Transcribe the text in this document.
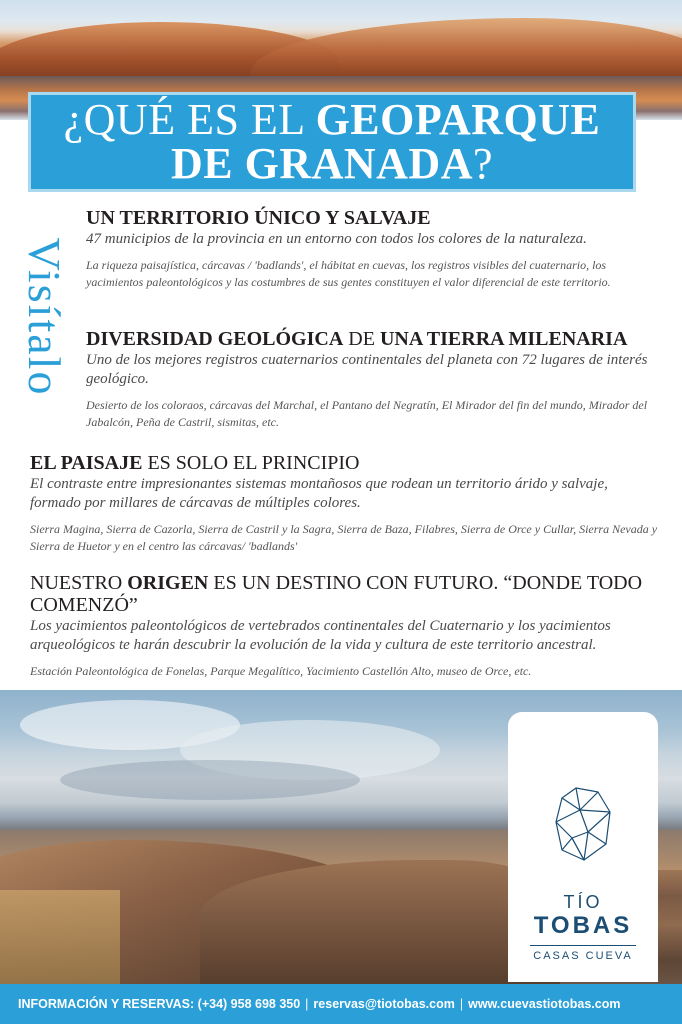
¿QUÉ ES EL GEOPARQUE
DE GRANADA?
Visítalo
UN TERRITORIO ÚNICO Y SALVAJE
47 municipios de la provincia en un entorno con todos los colores de la naturaleza.
La riqueza paisajística, cárcavas / 'badlands', el hábitat en cuevas, los registros visibles del cuaternario, los yacimientos paleontológicos y las costumbres de sus gentes constituyen el valor diferencial de este territorio.
DIVERSIDAD GEOLÓGICA DE UNA TIERRA MILENARIA
Uno de los mejores registros cuaternarios continentales del planeta con 72 lugares de interés geológico.
Desierto de los coloraos, cárcavas del Marchal, el Pantano del Negratín, El Mirador del fin del mundo, Mirador del Jabalcón, Peña de Castril, sismitas, etc.
EL PAISAJE ES SOLO EL PRINCIPIO
El contraste entre impresionantes sistemas montañosos que rodean un territorio árido y salvaje, formado por millares de cárcavas de múltiples colores.
Sierra Magina, Sierra de Cazorla, Sierra de Castril y la Sagra, Sierra de Baza, Filabres, Sierra de Orce y Cullar, Sierra Nevada y Sierra de Huetor y en el centro las cárcavas/ 'badlands'
NUESTRO ORIGEN ES UN DESTINO CON FUTURO. “DONDE TODO COMENZÓ”
Los yacimientos paleontológicos de vertebrados continentales del Cuaternario y los yacimientos arqueológicos te harán descubrir la evolución de la vida y cultura de este territorio ancestral.
Estación Paleontológica de Fonelas, Parque Megalítico, Yacimiento Castellón Alto, museo de Orce, etc.
TÍO
TOBAS
CASAS CUEVA
INFORMACIÓN Y RESERVAS: (+34) 958 698 350 | reservas@tiotobas.com | www.cuevastiotobas.com
